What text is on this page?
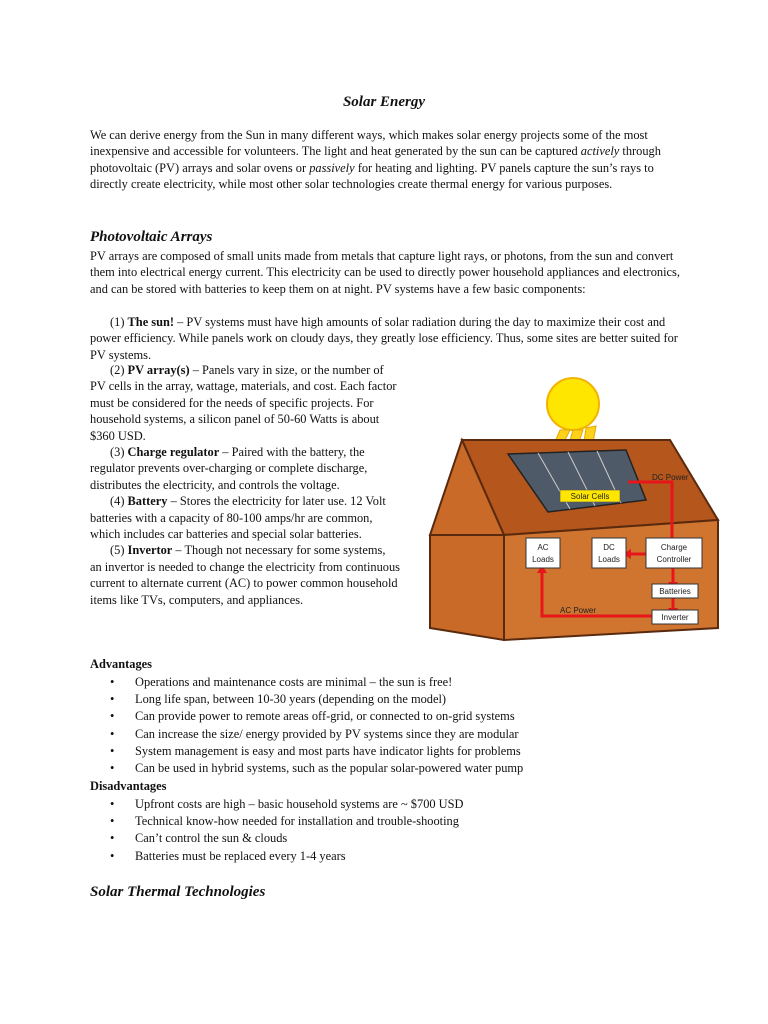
Solar Energy
We can derive energy from the Sun in many different ways, which makes solar energy projects some of the most inexpensive and accessible for volunteers. The light and heat generated by the sun can be captured actively through photovoltaic (PV) arrays and solar ovens or passively for heating and lighting. PV panels capture the sun’s rays to directly create electricity, while most other solar technologies create thermal energy for various purposes.
Photovoltaic Arrays
PV arrays are composed of small units made from metals that capture light rays, or photons, from the sun and convert them into electrical energy current. This electricity can be used to directly power household appliances and electronics, and can be stored with batteries to keep them on at night. PV systems have a few basic components:
(1) The sun! – PV systems must have high amounts of solar radiation during the day to maximize their cost and power efficiency. While panels work on cloudy days, they greatly lose efficiency. Thus, some sites are better suited for PV systems.

(2) PV array(s) – Panels vary in size, or the number of PV cells in the array, wattage, materials, and cost. Each factor must be considered for the needs of specific projects. For household systems, a silicon panel of 50-60 Watts is about $360 USD.

(3) Charge regulator – Paired with the battery, the regulator prevents over-charging or complete discharge, distributes the electricity, and controls the voltage.

(4) Battery – Stores the electricity for later use. 12 Volt batteries with a capacity of 80-100 amps/hr are common, which includes car batteries and special solar batteries.

(5) Invertor – Though not necessary for some systems, an invertor is needed to change the electricity from continuous current to alternate current (AC) to power common household items like TVs, computers, and appliances.

Solar Cells
DC Power
AC Power
AC
Loads
DC
Loads
Charge
Controller
Batteries
Inverter
Advantages
• Operations and maintenance costs are minimal – the sun is free!
• Long life span, between 10-30 years (depending on the model)
• Can provide power to remote areas off-grid, or connected to on-grid systems
• Can increase the size/ energy provided by PV systems since they are modular
• System management is easy and most parts have indicator lights for problems
• Can be used in hybrid systems, such as the popular solar-powered water pump
Disadvantages
• Upfront costs are high – basic household systems are ~ $700 USD
• Technical know-how needed for installation and trouble-shooting
• Can’t control the sun & clouds
• Batteries must be replaced every 1-4 years
Solar Thermal Technologies
